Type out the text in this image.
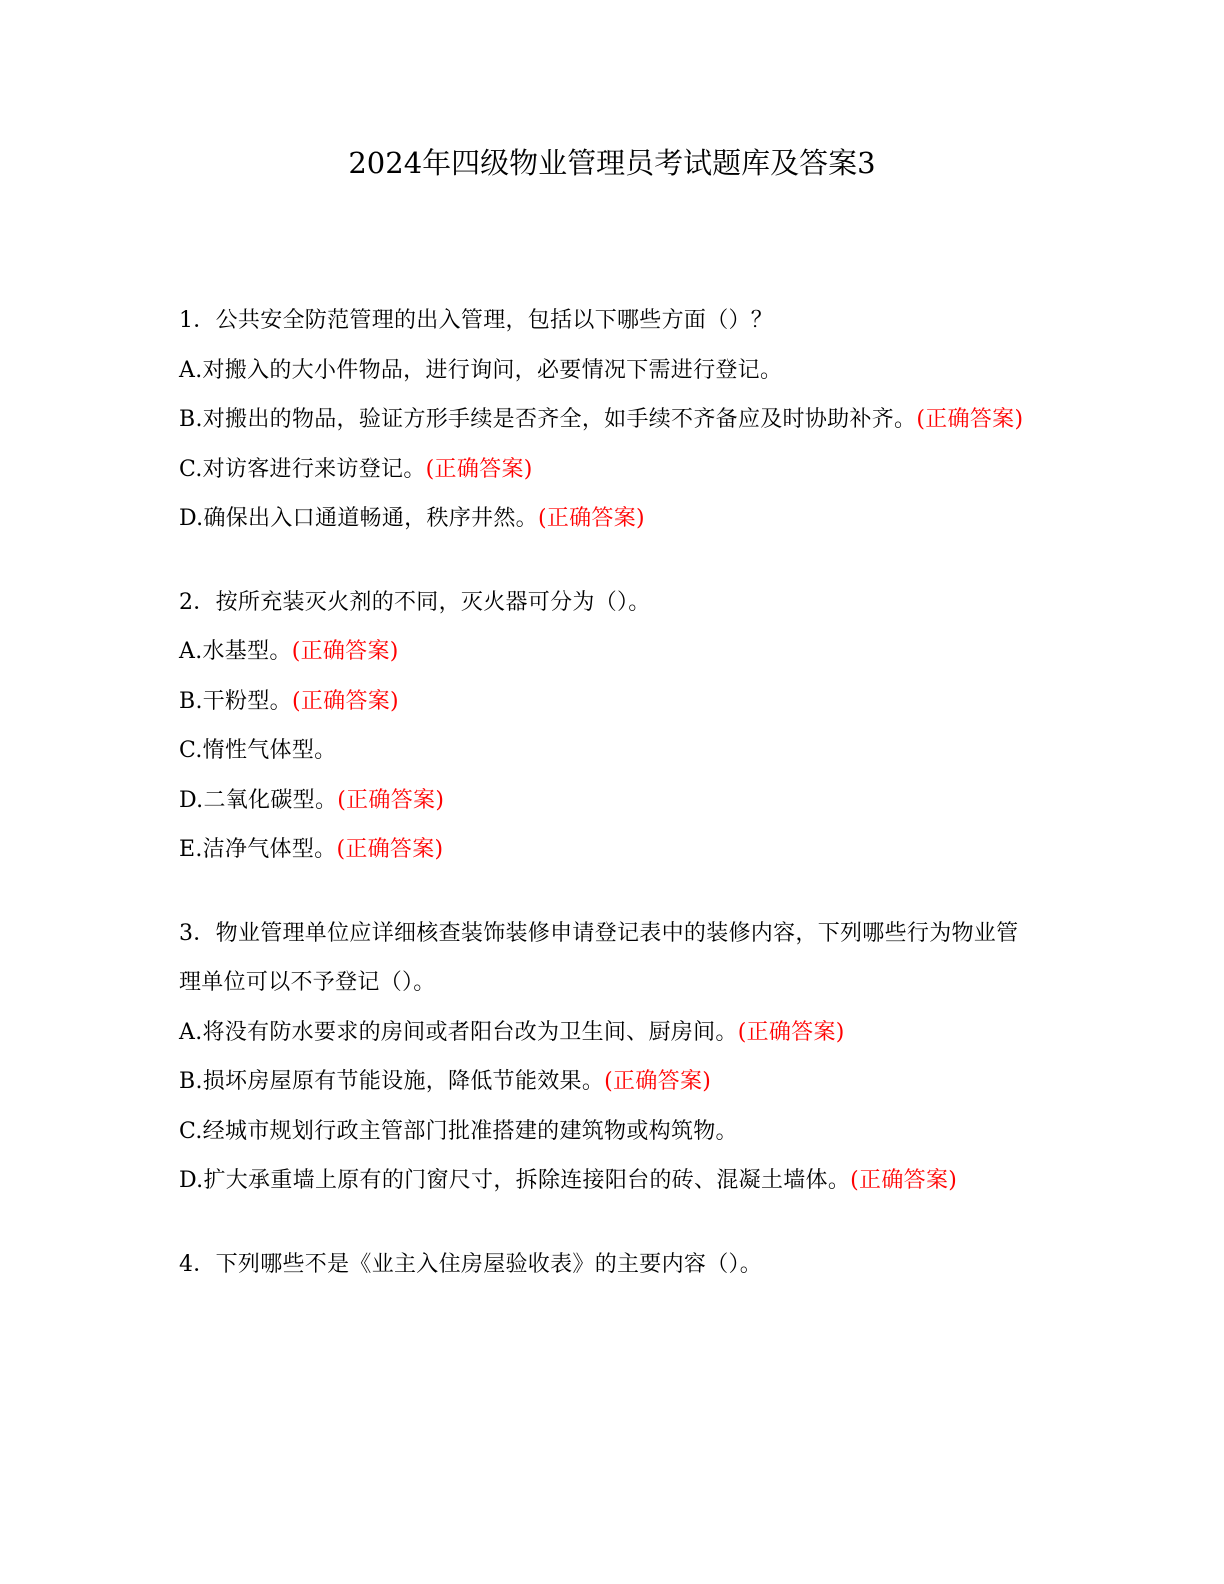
2024年四级物业管理员考试题库及答案3
1．公共安全防范管理的出入管理，包括以下哪些方面（）？
A.对搬入的大小件物品，进行询问，必要情况下需进行登记。
B.对搬出的物品，验证方形手续是否齐全，如手续不齐备应及时协助补齐。(正确答案)
C.对访客进行来访登记。(正确答案)
D.确保出入口通道畅通，秩序井然。(正确答案)
2．按所充装灭火剂的不同，灭火器可分为（）。
A.水基型。(正确答案)
B.干粉型。(正确答案)
C.惰性气体型。
D.二氧化碳型。(正确答案)
E.洁净气体型。(正确答案)
3．物业管理单位应详细核查装饰装修申请登记表中的装修内容，下列哪些行为物业管理单位可以不予登记（）。
A.将没有防水要求的房间或者阳台改为卫生间、厨房间。(正确答案)
B.损坏房屋原有节能设施，降低节能效果。(正确答案)
C.经城市规划行政主管部门批准搭建的建筑物或构筑物。
D.扩大承重墙上原有的门窗尺寸，拆除连接阳台的砖、混凝土墙体。(正确答案)
4．下列哪些不是《业主入住房屋验收表》的主要内容（）。
